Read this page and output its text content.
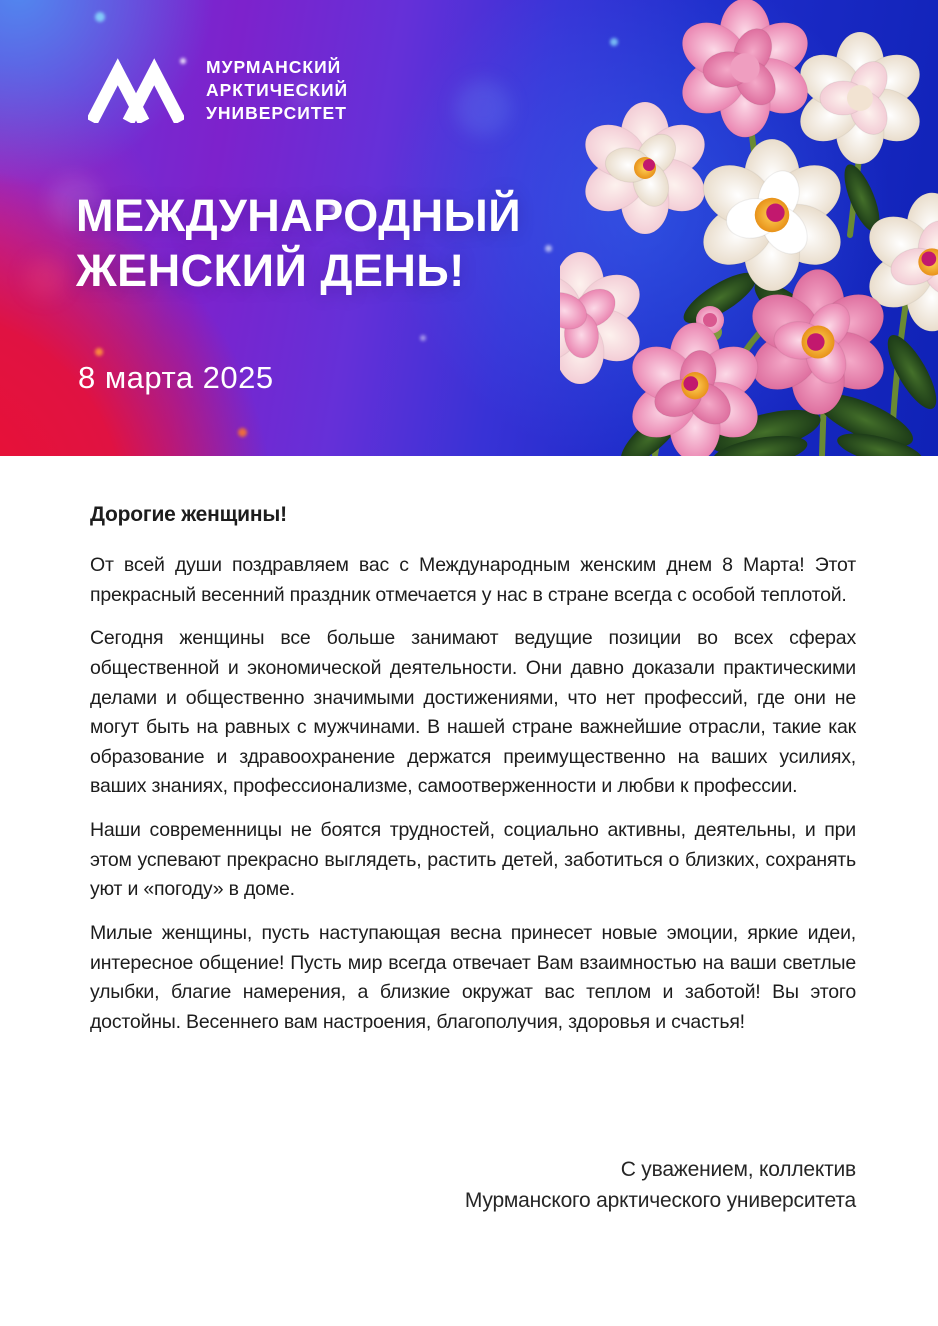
МУРМАНСКИЙ
АРКТИЧЕСКИЙ
УНИВЕРСИТЕТ
МЕЖДУНАРОДНЫЙ
ЖЕНСКИЙ ДЕНЬ!
8 марта 2025
Дорогие женщины!

От всей души поздравляем вас с Международным женским днем 8 Марта! Этот прекрасный весенний праздник отмечается у нас в стране всегда с особой теплотой.

Сегодня женщины все больше занимают ведущие позиции во всех сферах общественной и экономической деятельности. Они давно доказали практическими делами и общественно значимыми достижениями, что нет профессий, где они не могут быть на равных с мужчинами. В нашей стране важнейшие отрасли, такие как образование и здравоохранение держатся преимущественно на ваших усилиях, ваших знаниях, профессионализме, самоотверженности и любви к профессии.

Наши современницы не боятся трудностей, социально активны, деятельны, и при этом успевают прекрасно выглядеть, растить детей, заботиться о близких, сохранять уют и «погоду» в доме.

Милые женщины, пусть наступающая весна принесет новые эмоции, яркие идеи, интересное общение! Пусть мир всегда отвечает Вам взаимностью на ваши светлые улыбки, благие намерения, а близкие окружат вас теплом и заботой! Вы этого достойны. Весеннего вам настроения, благополучия, здоровья и счастья!

С уважением, коллектив
Мурманского арктического университета
